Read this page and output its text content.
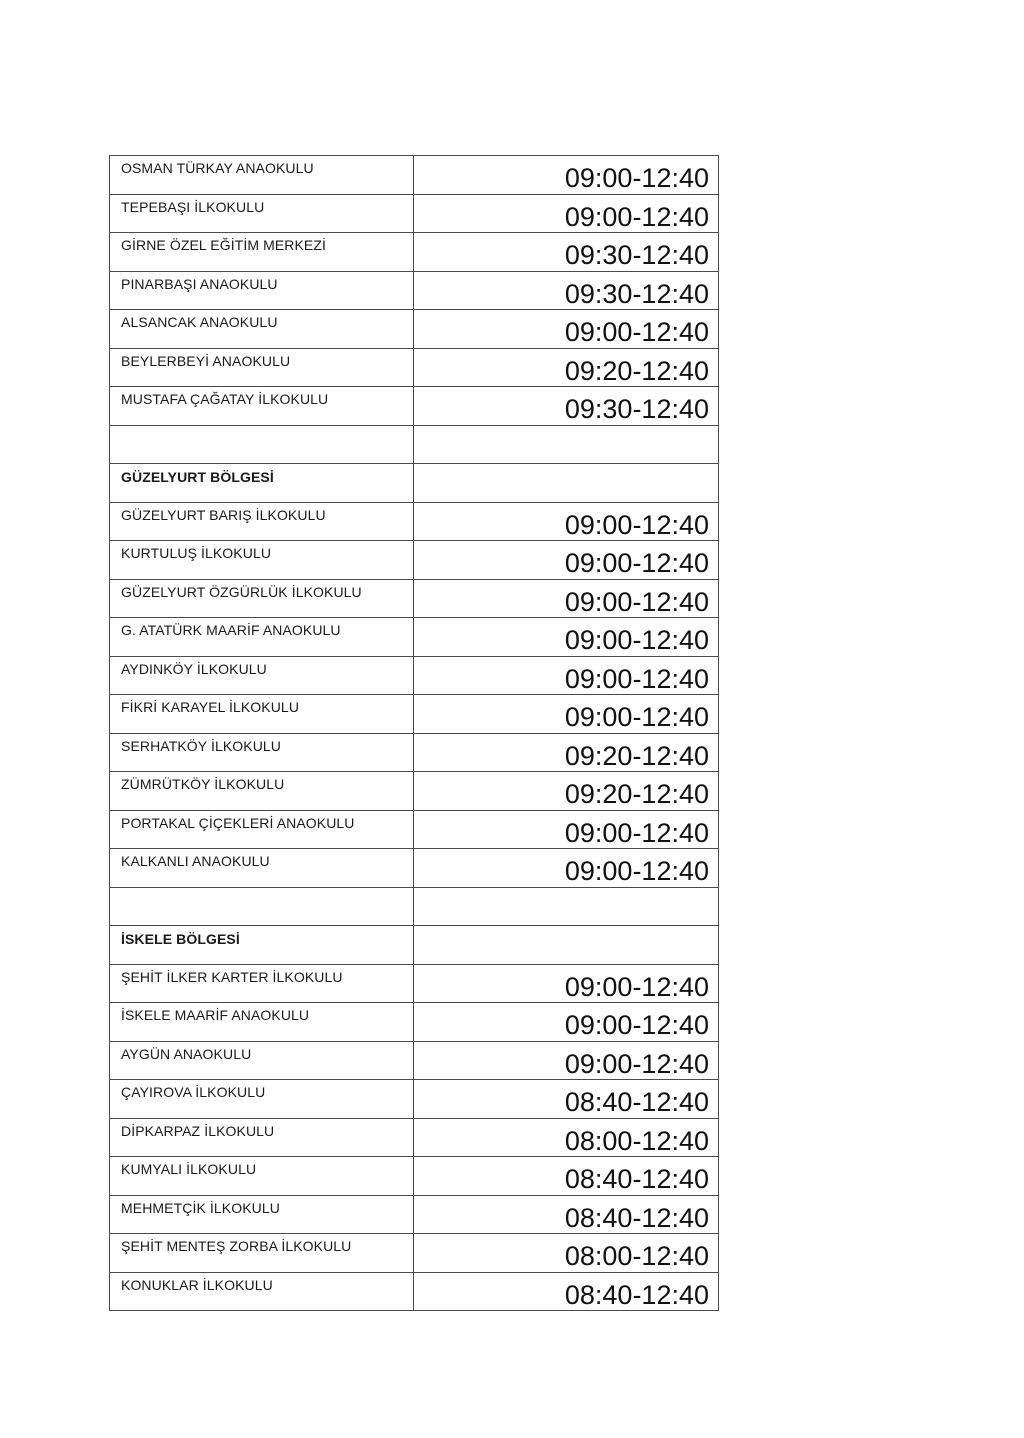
OSMAN TÜRKAY ANAOKULU	09:00-12:40

TEPEBAŞI İLKOKULU	09:00-12:40

GİRNE ÖZEL EĞİTİM MERKEZİ	09:30-12:40

PINARBAŞI ANAOKULU	09:30-12:40

ALSANCAK ANAOKULU	09:00-12:40

BEYLERBEYİ ANAOKULU	09:20-12:40

MUSTAFA ÇAĞATAY İLKOKULU	09:30-12:40

GÜZELYURT BÖLGESİ	

GÜZELYURT BARIŞ İLKOKULU	09:00-12:40

KURTULUŞ İLKOKULU	09:00-12:40

GÜZELYURT ÖZGÜRLÜK İLKOKULU	09:00-12:40

G. ATATÜRK MAARİF ANAOKULU	09:00-12:40

AYDINKÖY İLKOKULU	09:00-12:40

FİKRİ KARAYEL İLKOKULU	09:00-12:40

SERHATKÖY İLKOKULU	09:20-12:40

ZÜMRÜTKÖY İLKOKULU	09:20-12:40

PORTAKAL ÇİÇEKLERİ ANAOKULU	09:00-12:40

KALKANLI ANAOKULU	09:00-12:40

İSKELE BÖLGESİ	

ŞEHİT İLKER KARTER İLKOKULU	09:00-12:40

İSKELE MAARİF ANAOKULU	09:00-12:40

AYGÜN ANAOKULU	09:00-12:40

ÇAYIROVA İLKOKULU	08:40-12:40

DİPKARPAZ İLKOKULU	08:00-12:40

KUMYALI İLKOKULU	08:40-12:40

MEHMETÇİK İLKOKULU	08:40-12:40

ŞEHİT MENTEŞ ZORBA İLKOKULU	08:00-12:40

KONUKLAR İLKOKULU	08:40-12:40
